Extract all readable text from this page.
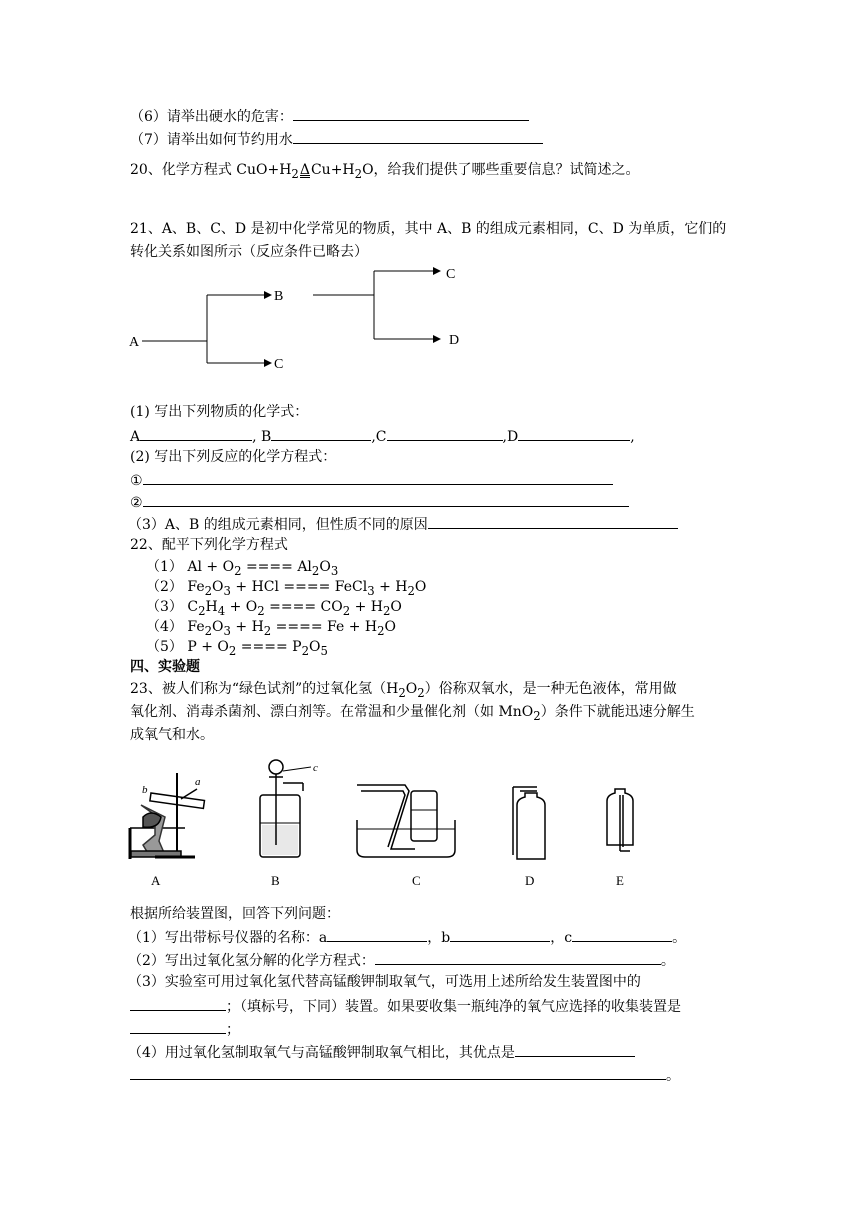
（6）请举出硬水的危害：
（7）请举出如何节约用水
20、化学方程式 $CuO+H_2\Delta$
$Cu+H_2O$，给我们提供了哪些重要信息？试简述之。
21、A、B、C、D 是初中化学常见的物质，其中 A、B 的组成元素相同，C、D 为单质，它们的
转化关系如图所示（反应条件已略去）
A
B
C
C
D
(1) 写出下列物质的化学式：
A	, B	,C	,D	,
(2) 写出下列反应的化学方程式：
①
②
（3）A、B 的组成元素相同，但性质不同的原因
22、配平下列化学方程式
（1） $Al + O_2$ ==== $Al_2O_3$
（2） $Fe_2O_3$ + HCl ==== FeCl$_3$ + $H_2O$
（3） $C_2H_4 + O_2$ ==== $CO_2 + H_2O$
（4） $Fe_2O_3 + H_2$ ==== $Fe + H_2O$
（5） $P + O_2$ ==== $P_2O_5$
四、实验题
23、被人们称为“绿色试剂”的过氧化氢$(H_2O_2)$俗称双氧水，是一种无色液体，常用做
氧化剂、消毒杀菌剂、漂白剂等。在常温和少量催化剂（如 MnO$_2$）条件下就能迅速分解生
成氧气和水。
a
b
c
A	B	C	D	E
根据所给装置图，回答下列问题：
（1）写出带标号仪器的名称：a	，b	，c	。
（2）写出过氧化氢分解的化学方程式：	。
（3）实验室可用过氧化氢代替高锰酸钾制取氧气，可选用上述所给发生装置图中的
；（填标号，下同）装置。如果要收集一瓶纯净的氧气应选择的收集装置是
；
（4）用过氧化氢制取氧气与高锰酸钾制取氧气相比，其优点是
。
